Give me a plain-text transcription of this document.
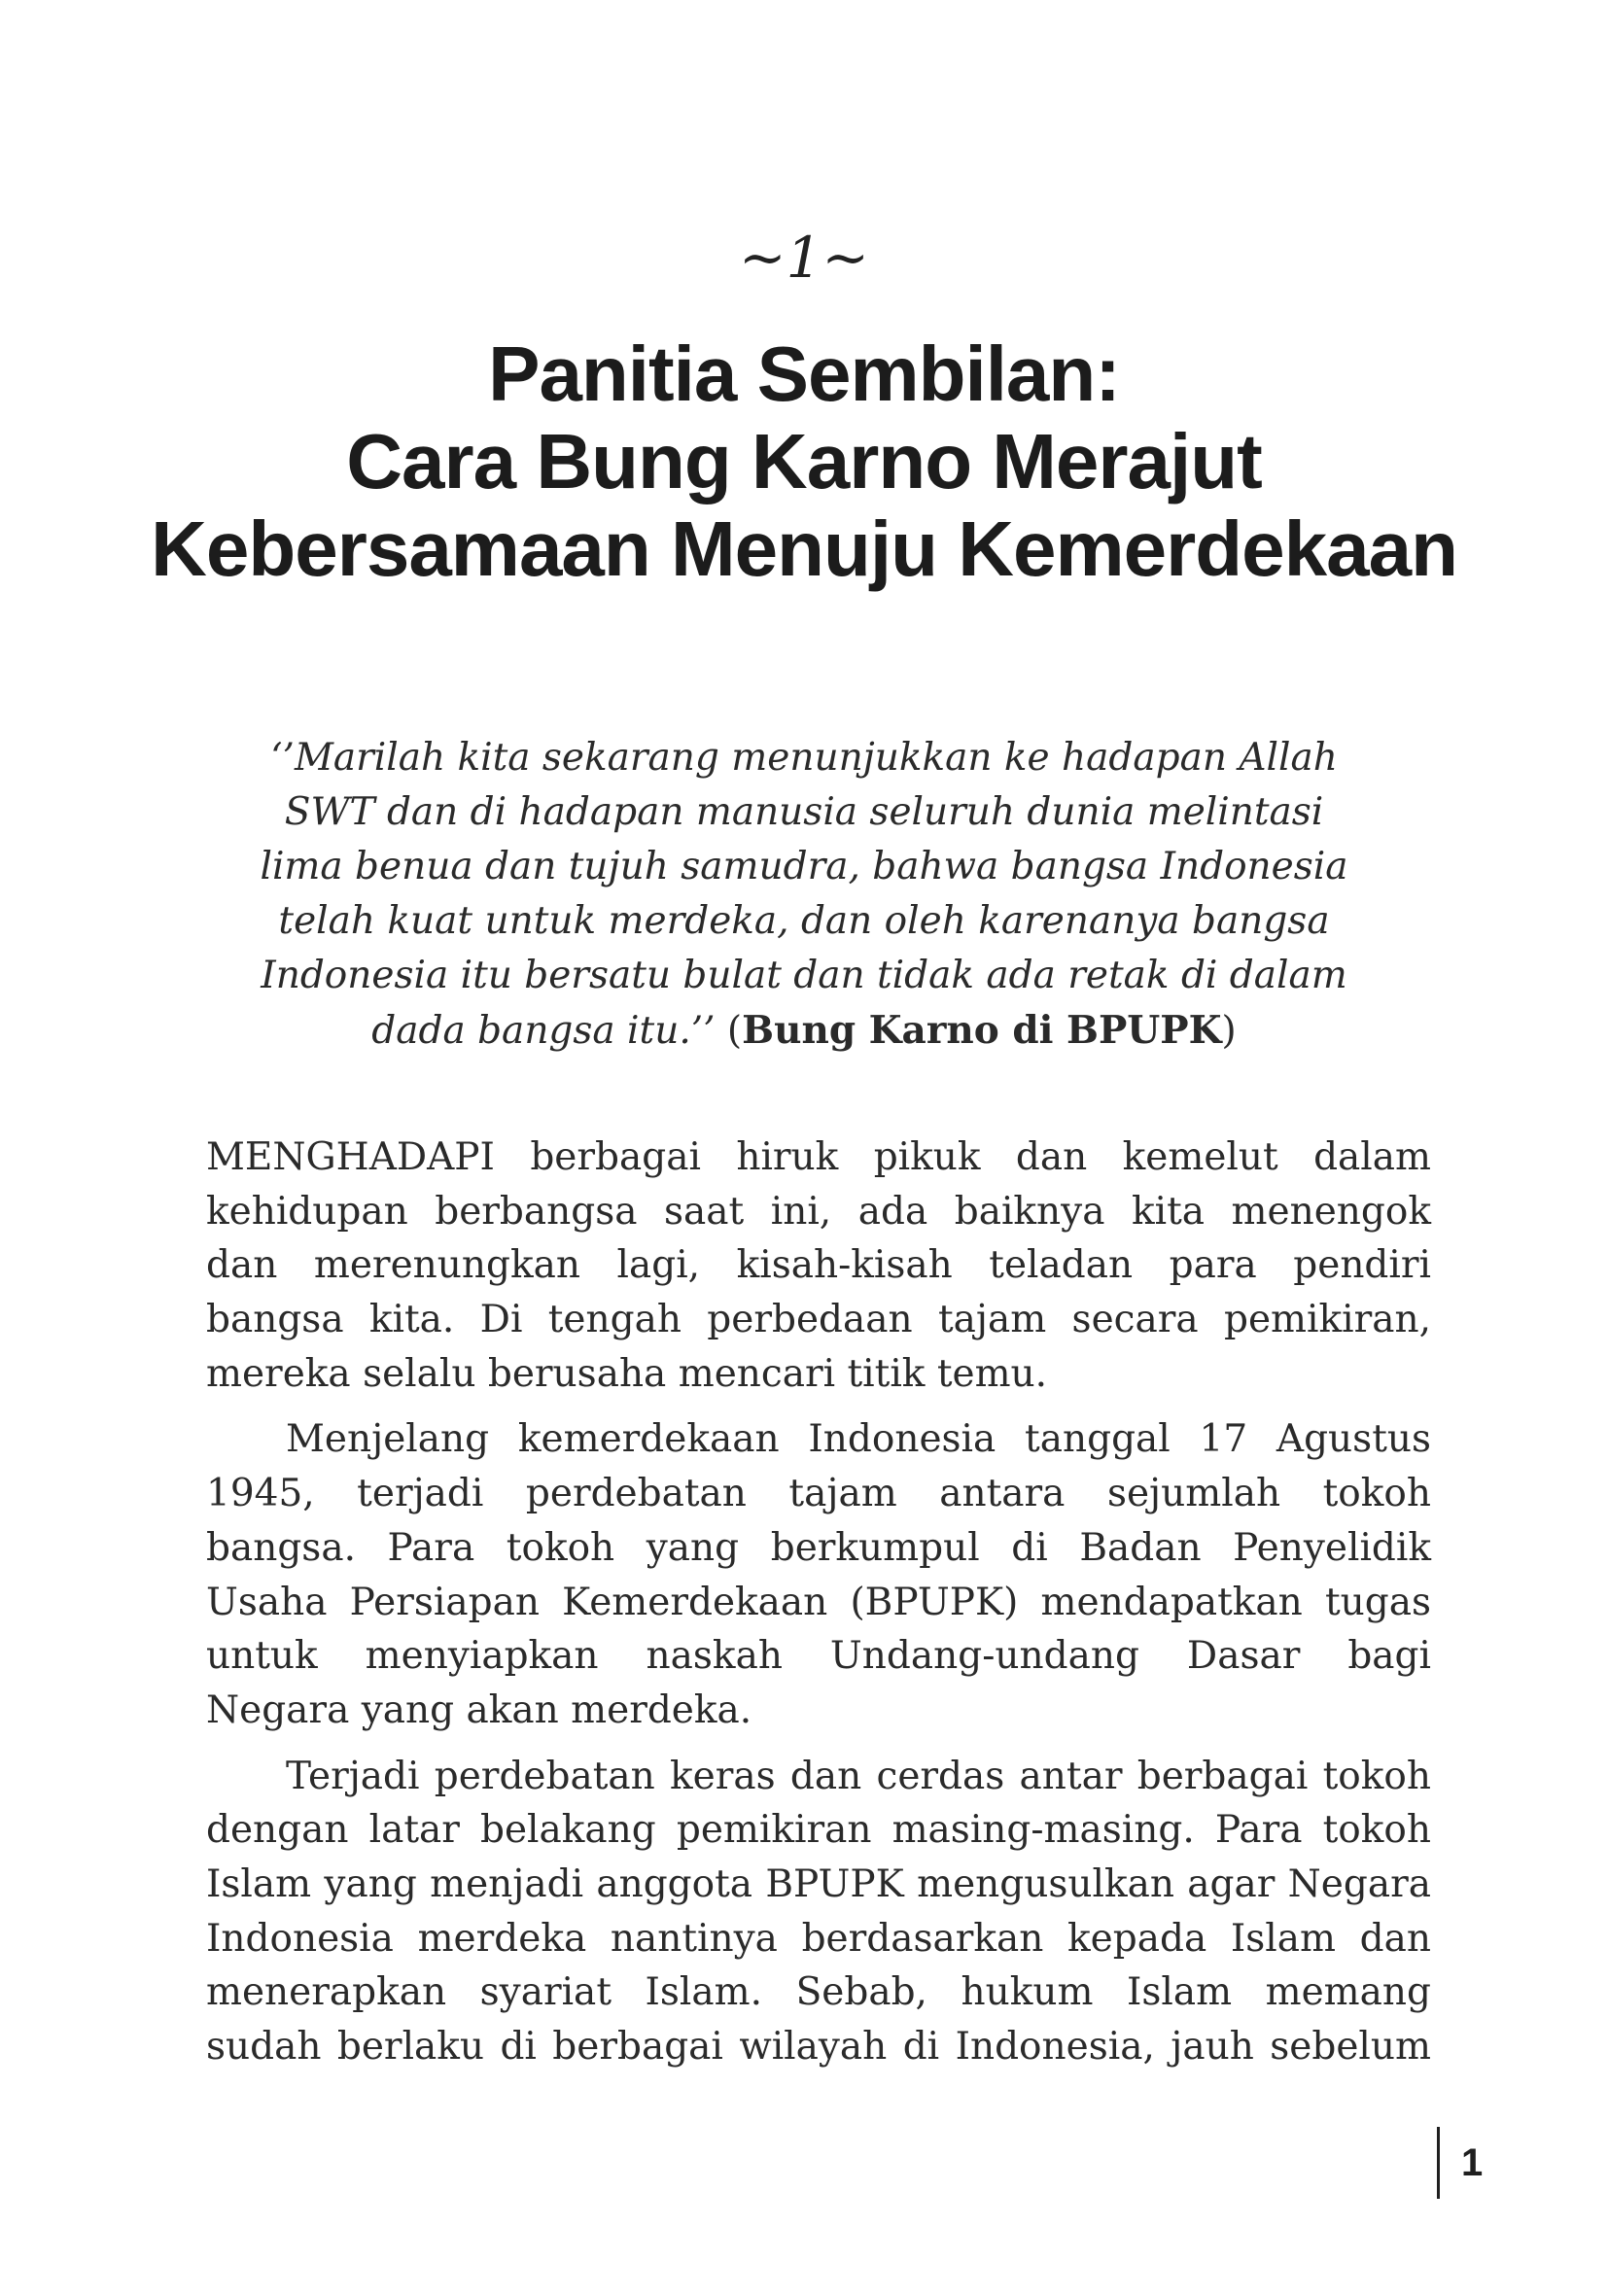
~1~
Panitia Sembilan:
Cara Bung Karno Merajut
Kebersamaan Menuju Kemerdekaan
‘’Marilah kita sekarang menunjukkan ke hadapan Allah
SWT dan di hadapan manusia seluruh dunia melintasi
lima benua dan tujuh samudra, bahwa bangsa Indonesia
telah kuat untuk merdeka, dan oleh karenanya bangsa
Indonesia itu bersatu bulat dan tidak ada retak di dalam
dada bangsa itu.’’ (Bung Karno di BPUPK)
MENGHADAPI berbagai hiruk pikuk dan kemelut dalam
kehidupan berbangsa saat ini, ada baiknya kita menengok
dan merenungkan lagi, kisah-kisah teladan para pendiri
bangsa kita. Di tengah perbedaan tajam secara pemikiran,
mereka selalu berusaha mencari titik temu.
Menjelang kemerdekaan Indonesia tanggal 17 Agustus
1945, terjadi perdebatan tajam antara sejumlah tokoh
bangsa. Para tokoh yang berkumpul di Badan Penyelidik
Usaha Persiapan Kemerdekaan (BPUPK) mendapatkan tugas
untuk menyiapkan naskah Undang-undang Dasar bagi
Negara yang akan merdeka.
Terjadi perdebatan keras dan cerdas antar berbagai tokoh
dengan latar belakang pemikiran masing-masing. Para tokoh
Islam yang menjadi anggota BPUPK mengusulkan agar Negara
Indonesia merdeka nantinya berdasarkan kepada Islam dan
menerapkan syariat Islam. Sebab, hukum Islam memang
sudah berlaku di berbagai wilayah di Indonesia, jauh sebelum
1
